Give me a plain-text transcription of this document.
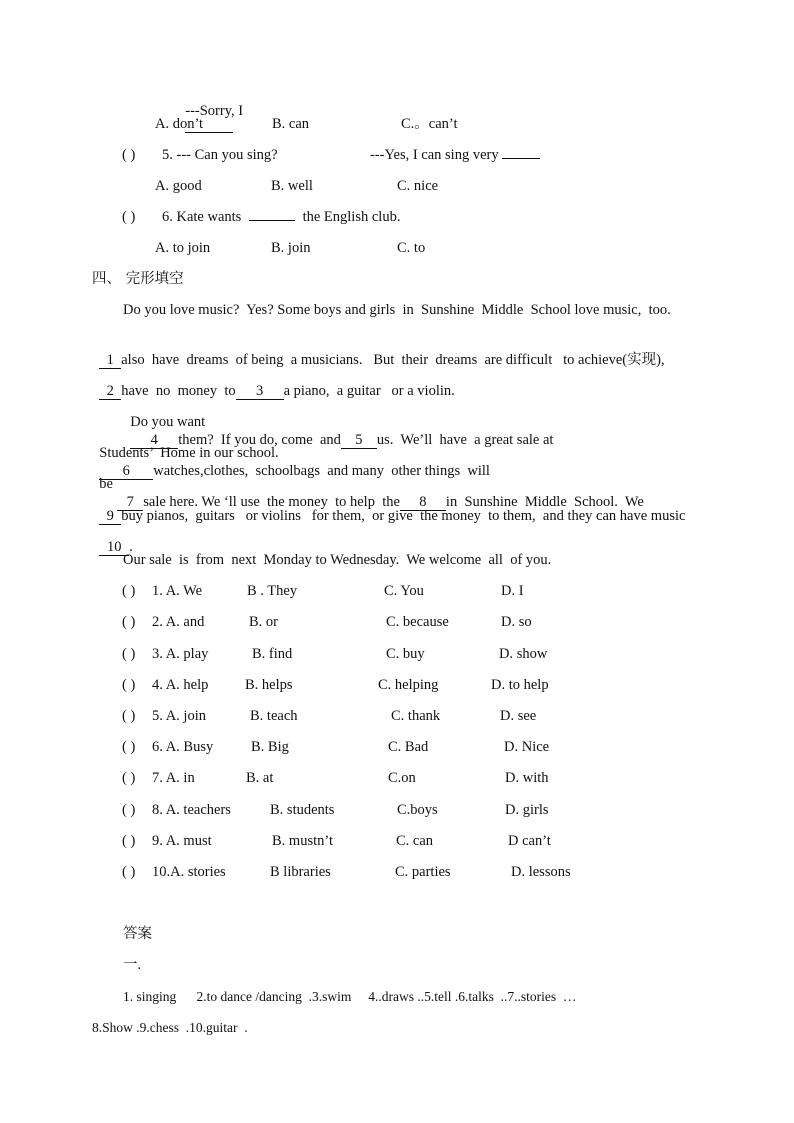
---Sorry, I

A. don’t	B. can	C.。can’t
( ) 5. --- Can you sing?	---Yes, I can sing very
A. good	B. well	C. nice
( ) 6. Kate wants	the English club.
A. to join	B. join	C. to
四、 完形填空
Do you love music?  Yes? Some boys and girls  in  Sunshine  Middle  School love music,  too.

1 also  have  dreams  of being  a musicians.   But  their  dreams  are difficult   to achieve(实现),

2 have  no  money  to 3 a piano,  a guitar   or a violin.

Do you want
4 them?  If you do, come  and 5 us.  We’ll  have  a great sale at

Students’  Home in our school.
6 watches,clothes,  schoolbags  and many  other things  will

be
7 sale here. We ‘ll use  the money  to help  the 8 in  Sunshine  Middle  School.  We

9 buy pianos,  guitars   or violins   for them,  or give  the money  to them,  and they can have music

10 .

Our sale  is  from  next  Monday to Wednesday.  We welcome  all  of you.
( ) 1. A. We	B . They	C. You	D. I
( ) 2. A. and	B. or	C. because	D. so
( ) 3. A. play	B. find	C. buy	D. show
( ) 4. A. help	B. helps	C. helping	D. to help
( ) 5. A. join	B. teach	C. thank	D. see
( ) 6. A. Busy	B. Big	C. Bad	D. Nice
( ) 7. A. in	B. at	C.on	D. with
( ) 8. A. teachers	B. students	C.boys	D. girls
( ) 9. A. must	B. mustn’t	C. can	D can’t
( ) 10.A. stories	B libraries	C. parties	D. lessons
答案
一.
1. singing      2.to dance /dancing  .3.swim     4..draws ..5.tell .6.talks  ..7..stories  …
8.Show .9.chess  .10.guitar  .
